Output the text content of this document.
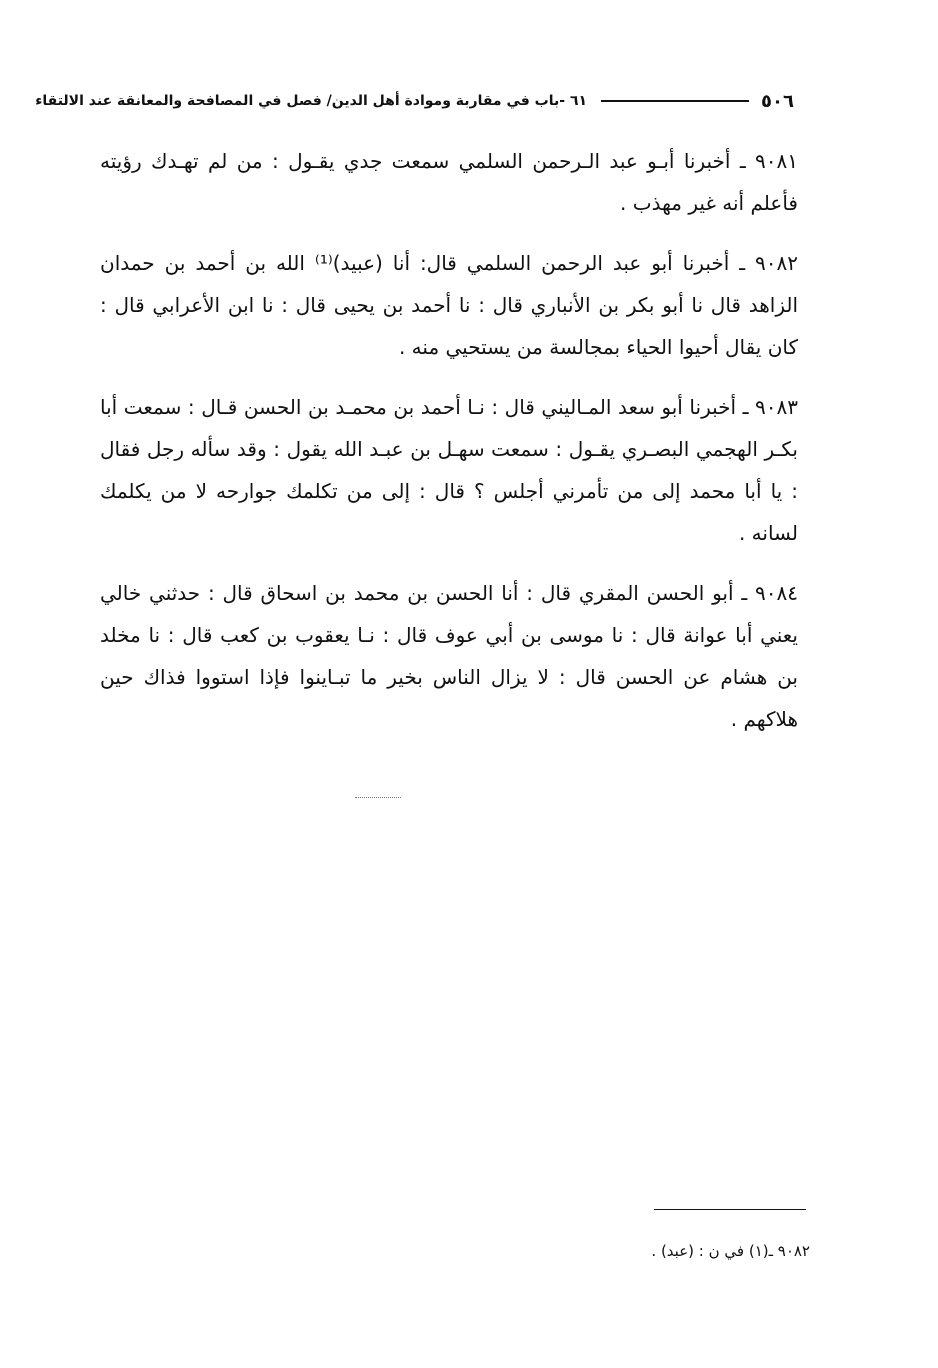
٥٠٦
٦١ -باب في مقاربة وموادة أهل الدين/ فصل في المصافحة والمعانقة عند الالتقاء

٩٠٨١ ـ أخبرنا أبـو عبد الـرحمن السلمي سمعت جدي يقـول : من لم تهـدك رؤيته فأعلم أنه غير مهذب .

٩٠٨٢ ـ أخبرنا أبو عبد الرحمن السلمي قال: أنا (عبيد)⁽¹⁾ الله بن أحمد بن حمدان الزاهد قال نا أبو بكر بن الأنباري قال : نا أحمد بن يحيى قال : نا ابن الأعرابي قال : كان يقال أحيوا الحياء بمجالسة من يستحيي منه .

٩٠٨٣ ـ أخبرنا أبو سعد المـاليني قال : نـا أحمد بن محمـد بن الحسن قـال : سمعت أبا بكـر الهجمي البصـري يقـول : سمعت سهـل بن عبـد الله يقول : وقد سأله رجل فقال : يا أبا محمد إلى من تأمرني أجلس ؟ قال : إلى من تكلمك جوارحه لا من يكلمك لسانه .

٩٠٨٤ ـ أبو الحسن المقري قال : أنا الحسن بن محمد بن اسحاق قال : حدثني خالي يعني أبا عوانة قال : نا موسى بن أبي عوف قال : نـا يعقوب بن كعب قال : نا مخلد بن هشام عن الحسن قال : لا يزال الناس بخير ما تبـاينوا فإذا استووا فذاك حين هلاكهم .

٩٠٨٢ ـ(١) في ن : (عبد) .
